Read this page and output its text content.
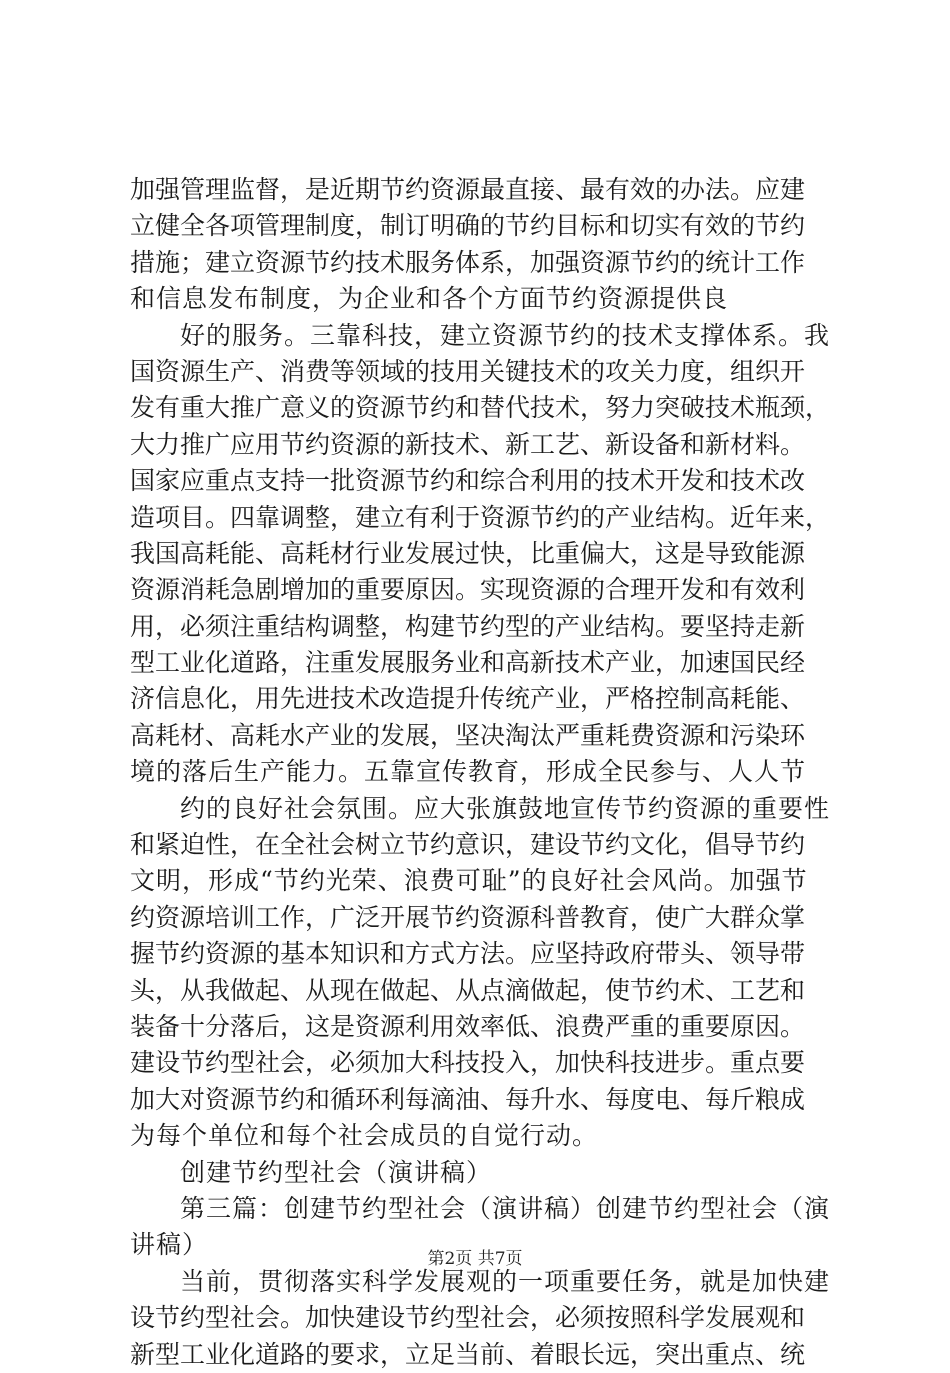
加强管理监督，是近期节约资源最直接、最有效的办法。应建
立健全各项管理制度，制订明确的节约目标和切实有效的节约
措施；建立资源节约技术服务体系，加强资源节约的统计工作
和信息发布制度，为企业和各个方面节约资源提供良
好的服务。三靠科技，建立资源节约的技术支撑体系。我
国资源生产、消费等领域的技用关键技术的攻关力度，组织开
发有重大推广意义的资源节约和替代技术，努力突破技术瓶颈，
大力推广应用节约资源的新技术、新工艺、新设备和新材料。
国家应重点支持一批资源节约和综合利用的技术开发和技术改
造项目。四靠调整，建立有利于资源节约的产业结构。近年来，
我国高耗能、高耗材行业发展过快，比重偏大，这是导致能源
资源消耗急剧增加的重要原因。实现资源的合理开发和有效利
用，必须注重结构调整，构建节约型的产业结构。要坚持走新
型工业化道路，注重发展服务业和高新技术产业，加速国民经
济信息化，用先进技术改造提升传统产业，严格控制高耗能、
高耗材、高耗水产业的发展，坚决淘汰严重耗费资源和污染环
境的落后生产能力。五靠宣传教育，形成全民参与、人人节
约的良好社会氛围。应大张旗鼓地宣传节约资源的重要性
和紧迫性，在全社会树立节约意识，建设节约文化，倡导节约
文明，形成“节约光荣、浪费可耻”的良好社会风尚。加强节
约资源培训工作，广泛开展节约资源科普教育，使广大群众掌
握节约资源的基本知识和方式方法。应坚持政府带头、领导带
头，从我做起、从现在做起、从点滴做起，使节约术、工艺和
装备十分落后，这是资源利用效率低、浪费严重的重要原因。
建设节约型社会，必须加大科技投入，加快科技进步。重点要
加大对资源节约和循环利每滴油、每升水、每度电、每斤粮成
为每个单位和每个社会成员的自觉行动。
创建节约型社会（演讲稿）
第三篇：创建节约型社会（演讲稿）创建节约型社会（演
讲稿）
当前，贯彻落实科学发展观的一项重要任务，就是加快建
设节约型社会。加快建设节约型社会，必须按照科学发展观和
新型工业化道路的要求，立足当前、着眼长远，突出重点、统
第2页 共7页
